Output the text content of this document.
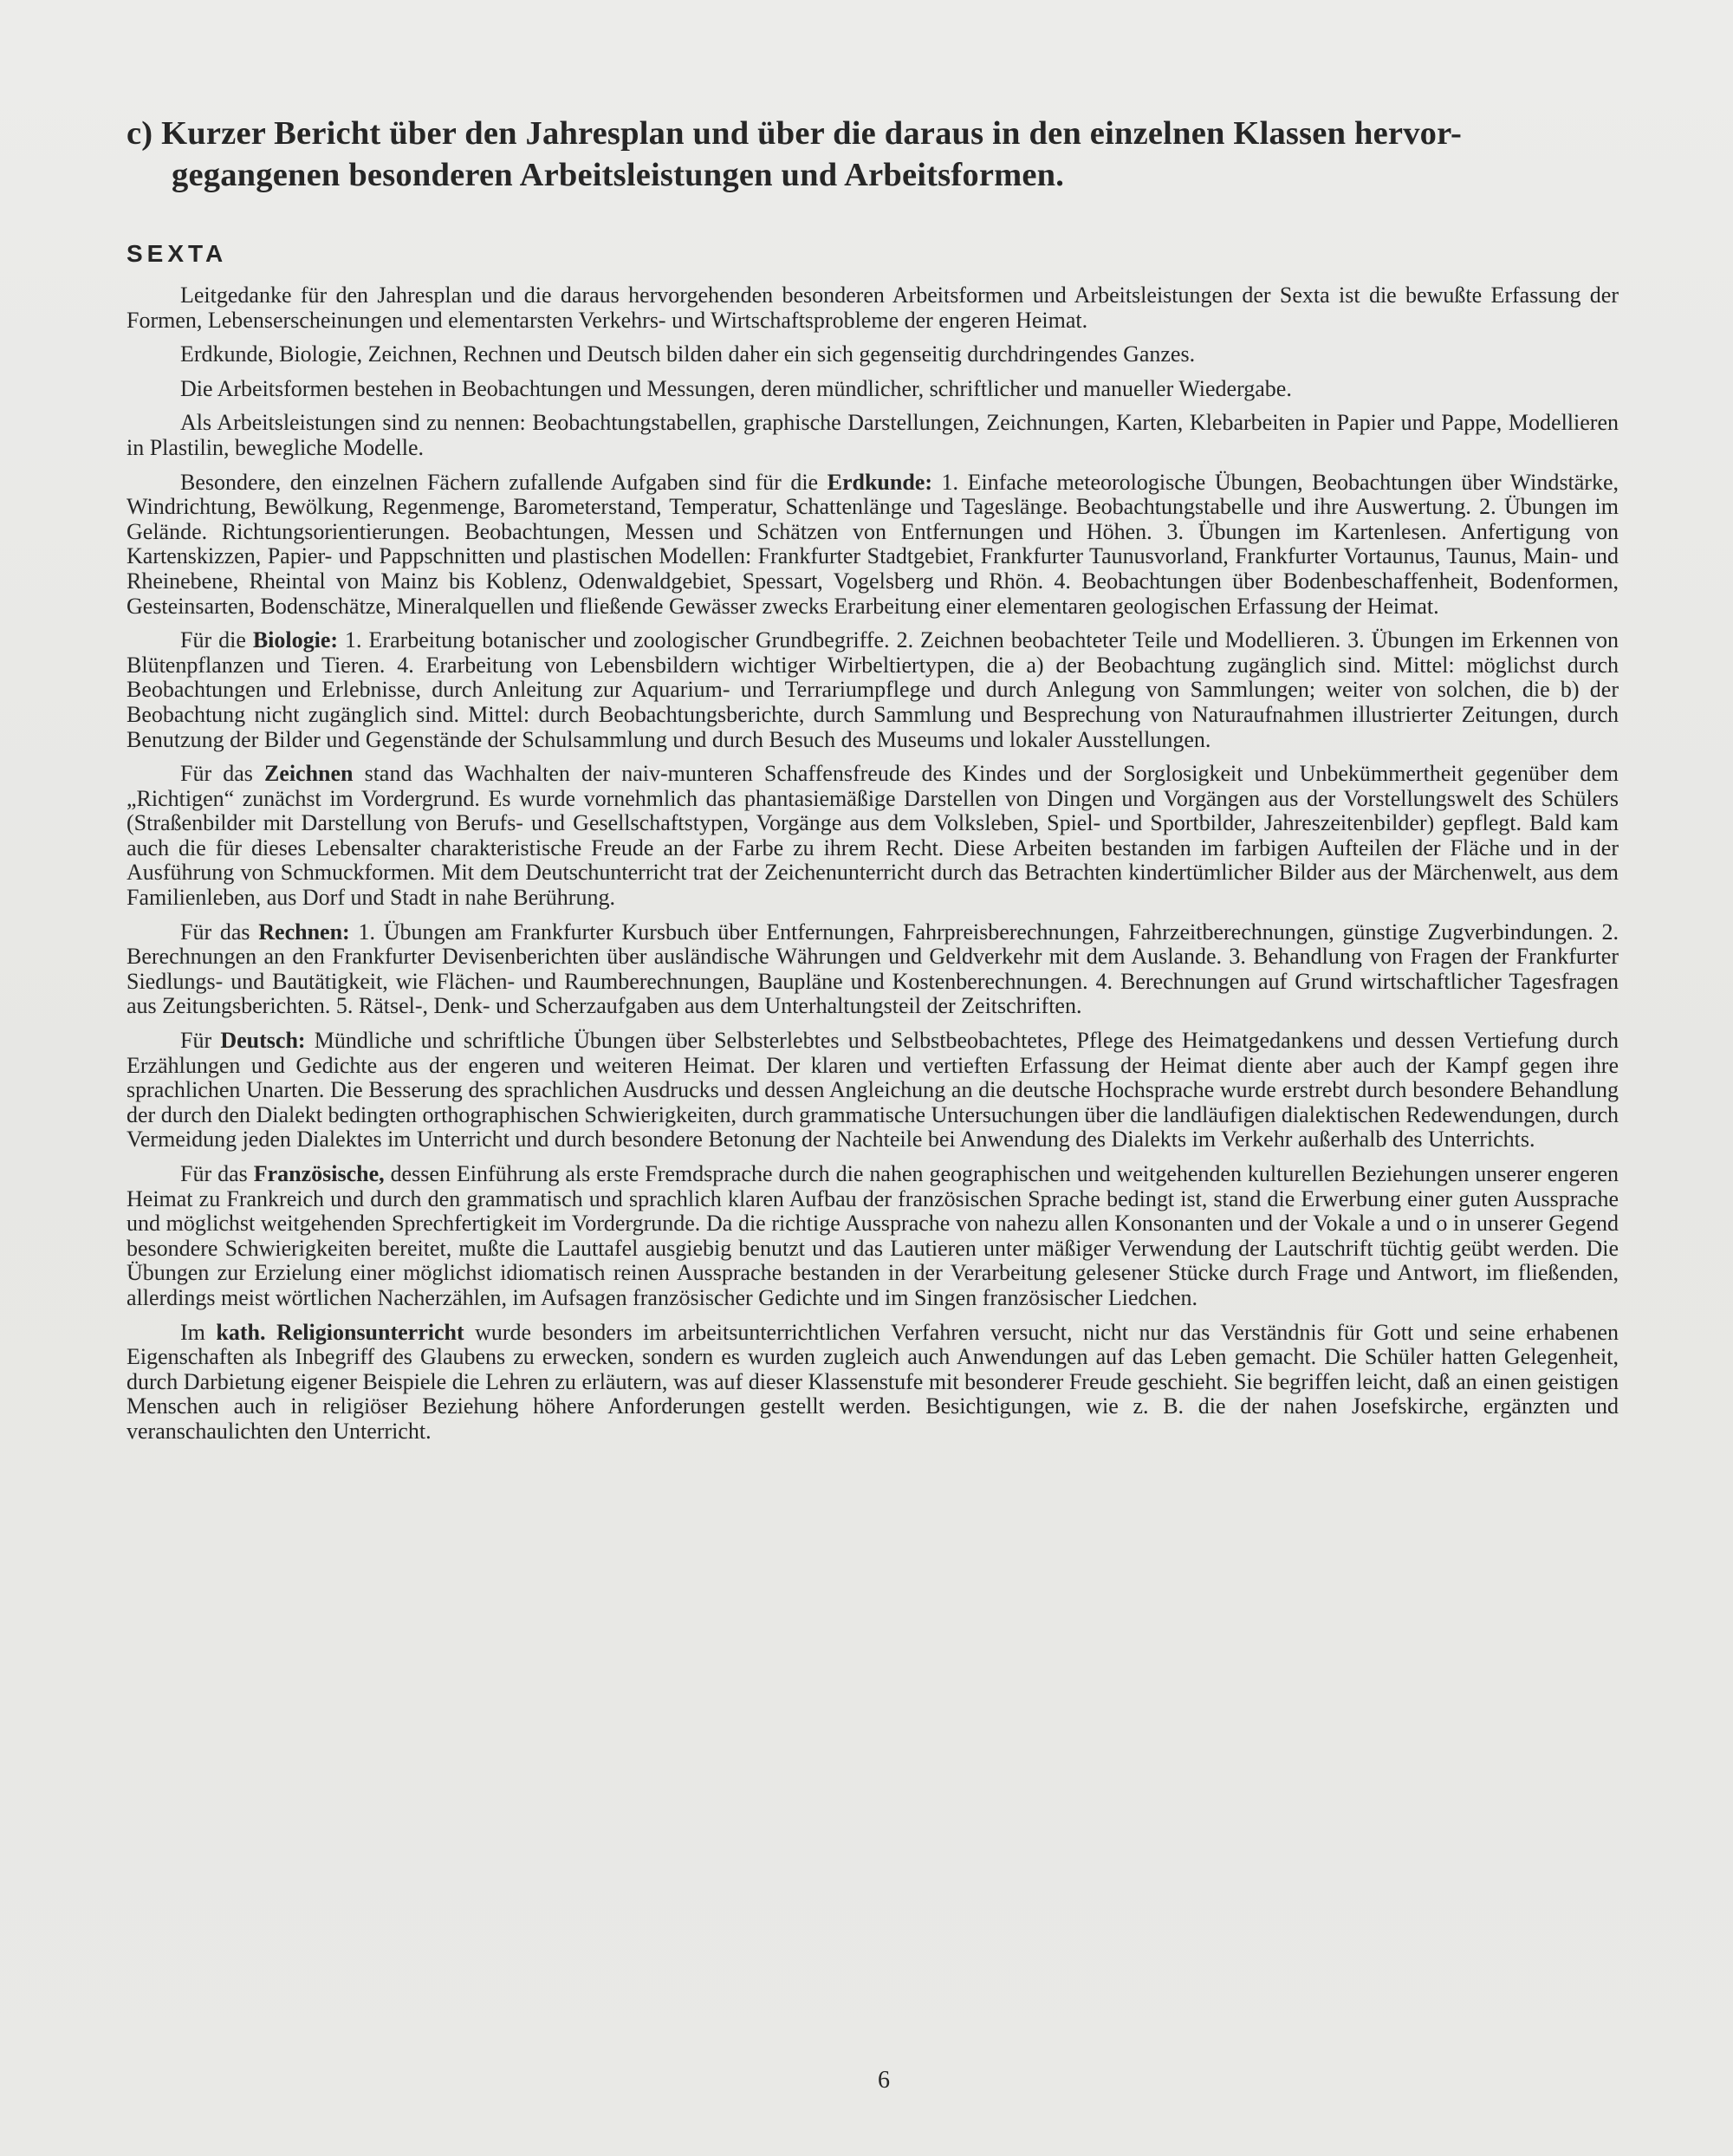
c) Kurzer Bericht über den Jahresplan und über die daraus in den einzelnen Klassen hervor-
gegangenen besonderen Arbeitsleistungen und Arbeitsformen.
SEXTA

Leitgedanke für den Jahresplan und die daraus hervorgehenden besonderen Arbeitsformen und Arbeitsleistungen der Sexta ist die bewußte Erfassung der Formen, Lebenserscheinungen und elementarsten Verkehrs- und Wirtschaftsprobleme der engeren Heimat.

Erdkunde, Biologie, Zeichnen, Rechnen und Deutsch bilden daher ein sich gegenseitig durchdringendes Ganzes.

Die Arbeitsformen bestehen in Beobachtungen und Messungen, deren mündlicher, schriftlicher und manueller Wiedergabe.

Als Arbeitsleistungen sind zu nennen: Beobachtungstabellen, graphische Darstellungen, Zeichnungen, Karten, Klebarbeiten in Papier und Pappe, Modellieren in Plastilin, bewegliche Modelle.

Besondere, den einzelnen Fächern zufallende Aufgaben sind für die Erdkunde: 1. Einfache meteorologische Übungen, Beobachtungen über Windstärke, Windrichtung, Bewölkung, Regenmenge, Barometerstand, Temperatur, Schattenlänge und Tageslänge. Beobachtungstabelle und ihre Auswertung. 2. Übungen im Gelände. Richtungsorientierungen. Beobachtungen, Messen und Schätzen von Entfernungen und Höhen. 3. Übungen im Kartenlesen. Anfertigung von Kartenskizzen, Papier- und Pappschnitten und plastischen Modellen: Frankfurter Stadtgebiet, Frankfurter Taunusvorland, Frankfurter Vortaunus, Taunus, Main- und Rheinebene, Rheintal von Mainz bis Koblenz, Odenwaldgebiet, Spessart, Vogelsberg und Rhön. 4. Beobachtungen über Bodenbeschaffenheit, Bodenformen, Gesteinsarten, Bodenschätze, Mineralquellen und fließende Gewässer zwecks Erarbeitung einer elementaren geologischen Erfassung der Heimat.

Für die Biologie: 1. Erarbeitung botanischer und zoologischer Grundbegriffe. 2. Zeichnen beobachteter Teile und Modellieren. 3. Übungen im Erkennen von Blütenpflanzen und Tieren. 4. Erarbeitung von Lebensbildern wichtiger Wirbeltiertypen, die a) der Beobachtung zugänglich sind. Mittel: möglichst durch Beobachtungen und Erlebnisse, durch Anleitung zur Aquarium- und Terrariumpflege und durch Anlegung von Sammlungen; weiter von solchen, die b) der Beobachtung nicht zugänglich sind. Mittel: durch Beobachtungsberichte, durch Sammlung und Besprechung von Naturaufnahmen illustrierter Zeitungen, durch Benutzung der Bilder und Gegenstände der Schulsammlung und durch Besuch des Museums und lokaler Ausstellungen.

Für das Zeichnen stand das Wachhalten der naiv-munteren Schaffensfreude des Kindes und der Sorglosigkeit und Unbekümmertheit gegenüber dem „Richtigen“ zunächst im Vordergrund. Es wurde vornehmlich das phantasiemäßige Darstellen von Dingen und Vorgängen aus der Vorstellungswelt des Schülers (Straßenbilder mit Darstellung von Berufs- und Gesellschaftstypen, Vorgänge aus dem Volksleben, Spiel- und Sportbilder, Jahreszeitenbilder) gepflegt. Bald kam auch die für dieses Lebensalter charakteristische Freude an der Farbe zu ihrem Recht. Diese Arbeiten bestanden im farbigen Aufteilen der Fläche und in der Ausführung von Schmuckformen. Mit dem Deutschunterricht trat der Zeichenunterricht durch das Betrachten kindertümlicher Bilder aus der Märchenwelt, aus dem Familienleben, aus Dorf und Stadt in nahe Berührung.

Für das Rechnen: 1. Übungen am Frankfurter Kursbuch über Entfernungen, Fahrpreisberechnungen, Fahrzeitberechnungen, günstige Zugverbindungen. 2. Berechnungen an den Frankfurter Devisenberichten über ausländische Währungen und Geldverkehr mit dem Auslande. 3. Behandlung von Fragen der Frankfurter Siedlungs- und Bautätigkeit, wie Flächen- und Raumberechnungen, Baupläne und Kostenberechnungen. 4. Berechnungen auf Grund wirtschaftlicher Tagesfragen aus Zeitungsberichten. 5. Rätsel-, Denk- und Scherzaufgaben aus dem Unterhaltungsteil der Zeitschriften.

Für Deutsch: Mündliche und schriftliche Übungen über Selbsterlebtes und Selbstbeobachtetes, Pflege des Heimatgedankens und dessen Vertiefung durch Erzählungen und Gedichte aus der engeren und weiteren Heimat. Der klaren und vertieften Erfassung der Heimat diente aber auch der Kampf gegen ihre sprachlichen Unarten. Die Besserung des sprachlichen Ausdrucks und dessen Angleichung an die deutsche Hochsprache wurde erstrebt durch besondere Behandlung der durch den Dialekt bedingten orthographischen Schwierigkeiten, durch grammatische Untersuchungen über die landläufigen dialektischen Redewendungen, durch Vermeidung jeden Dialektes im Unterricht und durch besondere Betonung der Nachteile bei Anwendung des Dialekts im Verkehr außerhalb des Unterrichts.

Für das Französische, dessen Einführung als erste Fremdsprache durch die nahen geographischen und weitgehenden kulturellen Beziehungen unserer engeren Heimat zu Frankreich und durch den grammatisch und sprachlich klaren Aufbau der französischen Sprache bedingt ist, stand die Erwerbung einer guten Aussprache und möglichst weitgehenden Sprechfertigkeit im Vordergrunde. Da die richtige Aussprache von nahezu allen Konsonanten und der Vokale a und o in unserer Gegend besondere Schwierigkeiten bereitet, mußte die Lauttafel ausgiebig benutzt und das Lautieren unter mäßiger Verwendung der Lautschrift tüchtig geübt werden. Die Übungen zur Erzielung einer möglichst idiomatisch reinen Aussprache bestanden in der Verarbeitung gelesener Stücke durch Frage und Antwort, im fließenden, allerdings meist wörtlichen Nacherzählen, im Aufsagen französischer Gedichte und im Singen französischer Liedchen.

Im kath. Religionsunterricht wurde besonders im arbeitsunterrichtlichen Verfahren versucht, nicht nur das Verständnis für Gott und seine erhabenen Eigenschaften als Inbegriff des Glaubens zu erwecken, sondern es wurden zugleich auch Anwendungen auf das Leben gemacht. Die Schüler hatten Gelegenheit, durch Darbietung eigener Beispiele die Lehren zu erläutern, was auf dieser Klassenstufe mit besonderer Freude geschieht. Sie begriffen leicht, daß an einen geistigen Menschen auch in religiöser Beziehung höhere Anforderungen gestellt werden. Besichtigungen, wie z. B. die der nahen Josefskirche, ergänzten und veranschaulichten den Unterricht.

6
